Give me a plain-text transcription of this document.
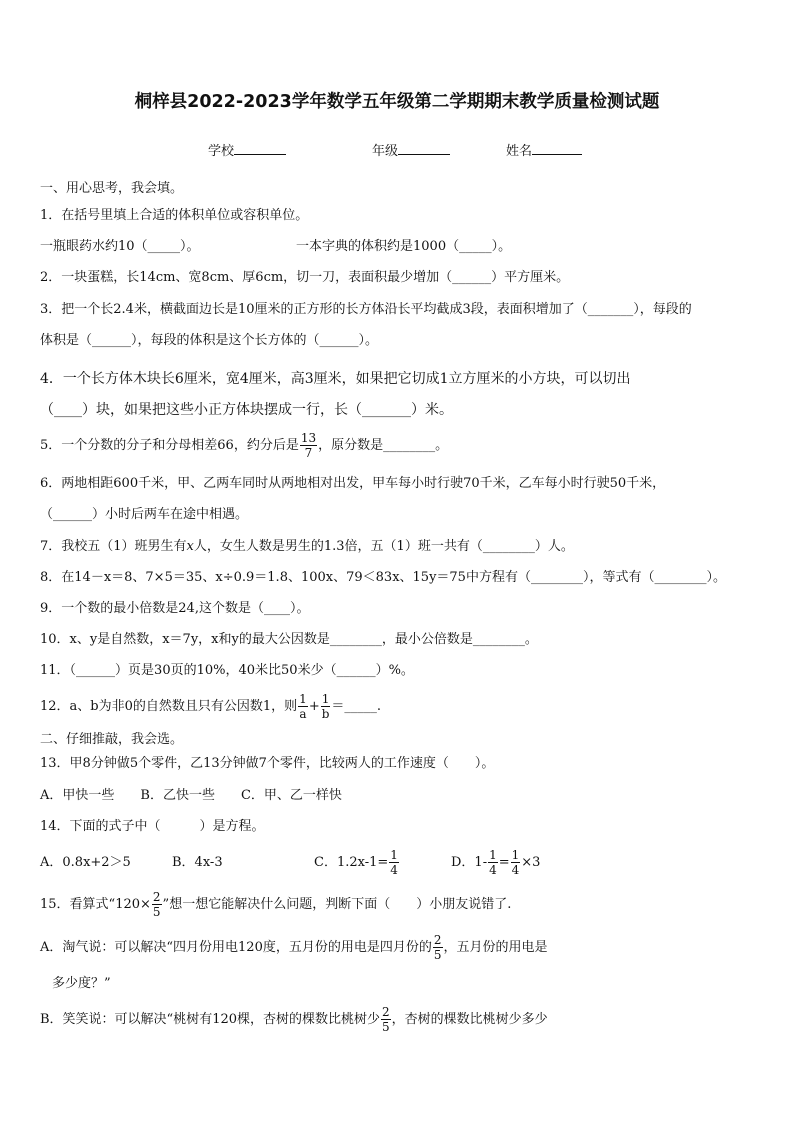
桐梓县2022-2023学年数学五年级第二学期期末教学质量检测试题
学校	年级	姓名
一、用心思考，我会填。
1．在括号里填上合适的体积单位或容积单位。
一瓶眼药水约10（_____）。	一本字典的体积约是1000（_____）。
2．一块蛋糕，长14cm、宽8cm、厚6cm，切一刀，表面积最少增加（______）平方厘米。
3．把一个长2.4米，横截面边长是10厘米的正方形的长方体沿长平均截成3段，表面积增加了（_______），每段的
体积是（______），每段的体积是这个长方体的（______）。
4．一个长方体木块长6厘米，宽4厘米，高3厘米，如果把它切成1立方厘米的小方块，可以切出
（____）块，如果把这些小正方体块摆成一行，长（_______）米。
5．一个分数的分子和分母相差66，约分后是 $\frac{13}{7}$ ，原分数是________。
6．两地相距600千米，甲、乙两车同时从两地相对出发，甲车每小时行驶70千米，乙车每小时行驶50千米，
（______）小时后两车在途中相遇。
7．我校五（1）班男生有𝑥人，女生人数是男生的1.3倍，五（1）班一共有（________）人。
8．在14－x＝8、7×5＝35、x÷0.9＝1.8、100x、79＜83x、15y＝75中方程有（________），等式有（________）。
9．一个数的最小倍数是24,这个数是（____）。
10．x、y是自然数，x＝7y，x和y的最大公因数是________，最小公倍数是________。
11．（______）页是30页的10%，40米比50米少（______）%。
12．a、b为非0的自然数且只有公因数1，则 $\frac{1}{a} + \frac{1}{b}$ ＝_____.
二、仔细推敲，我会选。
13．甲8分钟做5个零件，乙13分钟做7个零件，比较两人的工作速度（　　）。
A．甲快一些　　B．乙快一些　　C．甲、乙一样快
14．下面的式子中（　　　）是方程。
A．0.8x+2＞5	B．4x-3	C．$1.2x-1= \frac{1}{4}$	D．$1- \frac{1}{4} = \frac{1}{4} \times 3$
15．看算式“$120\times \frac{2}{5}$ ”想一想它能解决什么问题，判断下面（　　）小朋友说错了.
A．淘气说：可以解决“四月份用电120度，五月份的用电是四月份的 $\frac{2}{5}$ ，五月份的用电是
多少度？”
B．笑笑说：可以解决“桃树有120棵，杏树的棵数比桃树少 $\frac{2}{5}$ ，杏树的棵数比桃树少多少
